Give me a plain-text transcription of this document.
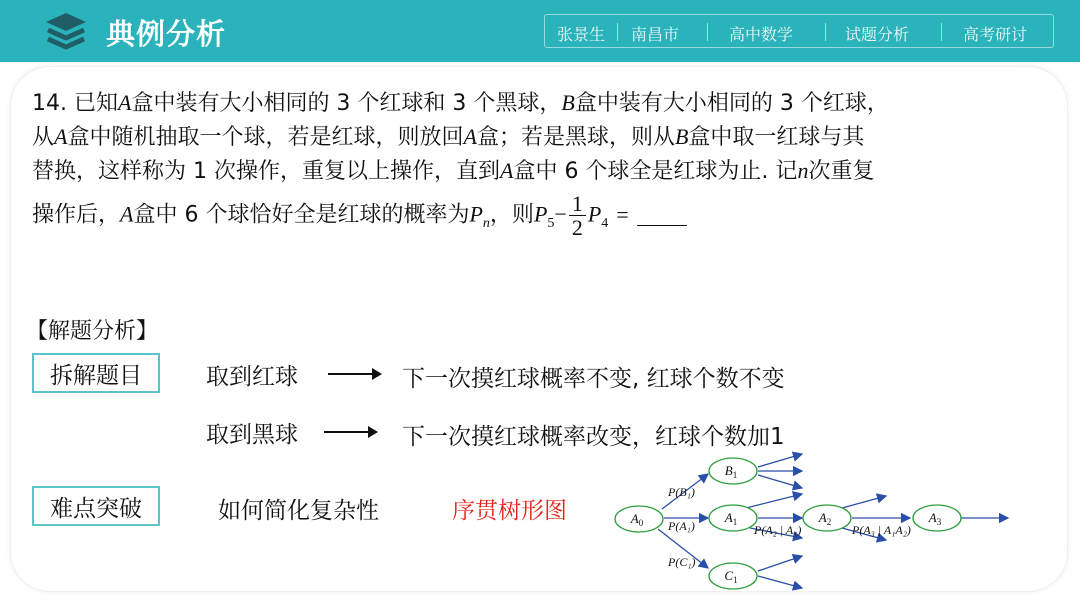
典例分析	张景生 南昌市	高中数学	试题分析	高考研讨
14. 已知A盒中装有大小相同的 3 个红球和 3 个黑球，B盒中装有大小相同的 3 个红球，
从A盒中随机抽取一个球，若是红球，则放回A盒；若是黑球，则从B盒中取一红球与其
替换，这样称为 1 次操作，重复以上操作，直到A盒中 6 个球全是红球为止. 记n次重复
操作后，A盒中 6 个球恰好全是红球的概率为$P_n$，则$P_5- \frac{1}{2} P_4$ =
【解题分析】
拆解题目	取到红球	下一次摸红球概率不变, 红球个数不变
取到黑球	下一次摸红球概率改变，红球个数加1
难点突破	如何简化复杂性	序贯树形图	$A_0$
$B_1$
$A_1$	$A_2$	$A_3$
$C_1$
P(B₁)
P(A₁)
P(C₁)
P(A₂ | A₁)	P(A₃ | A₁A₂)
